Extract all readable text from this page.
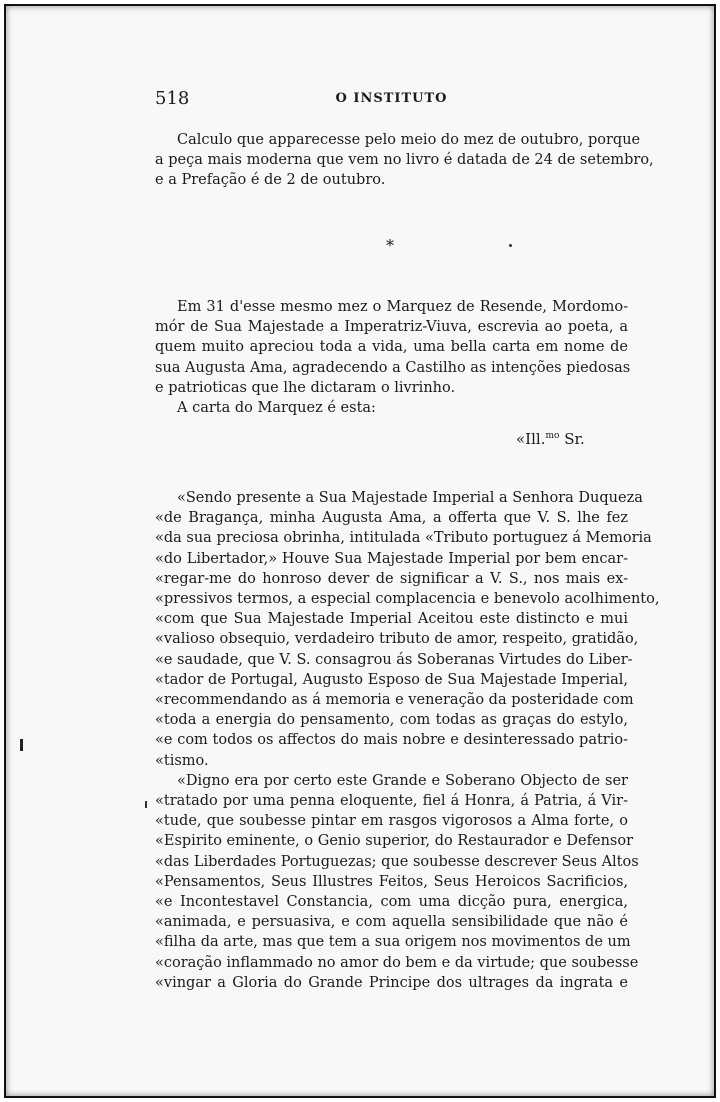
518	O INSTITUTO
Calculo que apparecesse pelo meio do mez de outubro, porque
a peça mais moderna que vem no livro é datada de 24 de setembro,
e a Prefação é de 2 de outubro.
*
Em 31 d'esse mesmo mez o Marquez de Resende, Mordomo-
mór de Sua Majestade a Imperatriz-Viuva, escrevia ao poeta, a
quem muito apreciou toda a vida, uma bella carta em nome de
sua Augusta Ama, agradecendo a Castilho as intenções piedosas
e patrioticas que lhe dictaram o livrinho.
A carta do Marquez é esta:
«Ill.$^{mo}$ Sr.
«Sendo presente a Sua Majestade Imperial a Senhora Duqueza
«de Bragança, minha Augusta Ama, a offerta que V. S. lhe fez
«da sua preciosa obrinha, intitulada «Tributo portuguez á Memoria
«do Libertador,» Houve Sua Majestade Imperial por bem encar-
«regar-me do honroso dever de significar a V. S., nos mais ex-
«pressivos termos, a especial complacencia e benevolo acolhimento,
«com que Sua Majestade Imperial Aceitou este distincto e mui
«valioso obsequio, verdadeiro tributo de amor, respeito, gratidão,
«e saudade, que V. S. consagrou ás Soberanas Virtudes do Liber-
«tador de Portugal, Augusto Esposo de Sua Majestade Imperial,
«recommendando as á memoria e veneração da posteridade com
«toda a energia do pensamento, com todas as graças do estylo,
«e com todos os affectos do mais nobre e desinteressado patrio-
«tismo.
«Digno era por certo este Grande e Soberano Objecto de ser
«tratado por uma penna eloquente, fiel á Honra, á Patria, á Vir-
«tude, que soubesse pintar em rasgos vigorosos a Alma forte, o
«Espirito eminente, o Genio superior, do Restaurador e Defensor
«das Liberdades Portuguezas; que soubesse descrever Seus Altos
«Pensamentos, Seus Illustres Feitos, Seus Heroicos Sacrificios,
«e Incontestavel Constancia, com uma dicção pura, energica,
«animada, e persuasiva, e com aquella sensibilidade que não é
«filha da arte, mas que tem a sua origem nos movimentos de um
«coração inflammado no amor do bem e da virtude; que soubesse
«vingar a Gloria do Grande Principe dos ultrages da ingrata e
